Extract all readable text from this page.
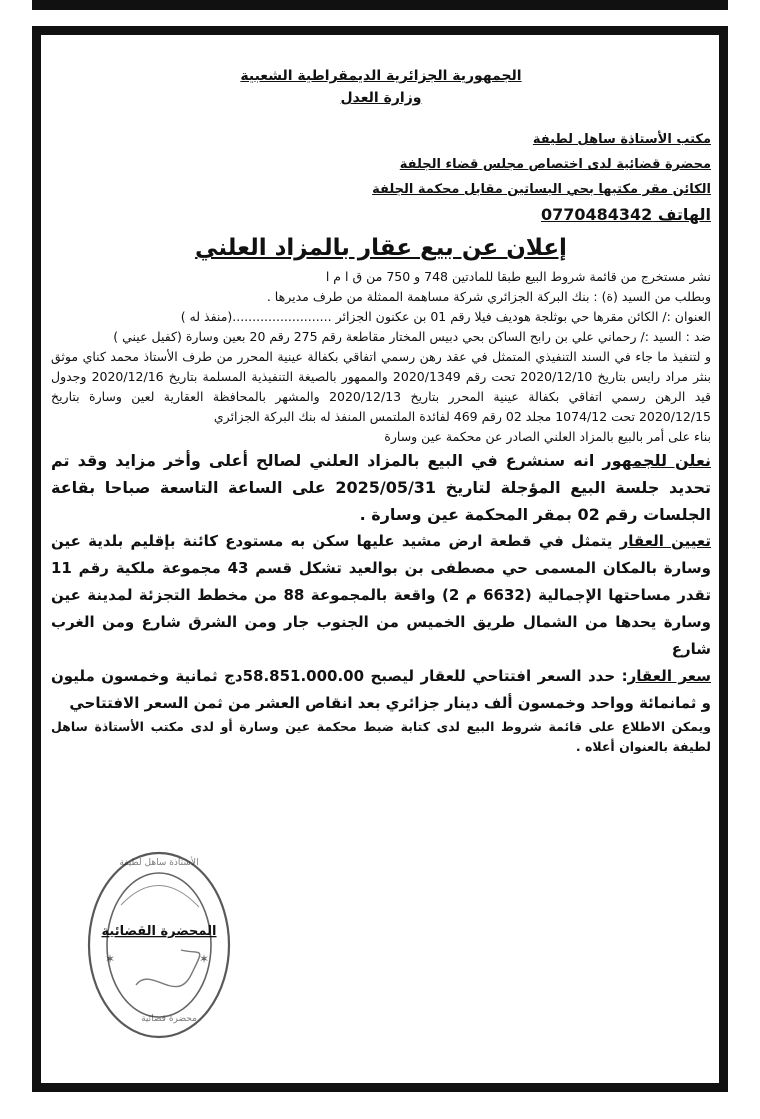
الجمهورية الجزائرية الديمقراطية الشعبية
وزارة العدل
مكتب الأستاذة ساهل لطيفة
محضرة قضائية لدى اختصاص مجلس قضاء الجلفة
الكائن مقر مكتبها بحي البساتين مقابل محكمة الجلفة
الهاتف 0770484342
إعلان عن بيع عقار بالمزاد العلني

نشر مستخرج من قائمة شروط البيع طبقا للمادتين 748 و 750 من ق ا م ا

وبطلب من السيد (ة) : بنك البركة الجزائري شركة مساهمة الممثلة من طرف مديرها .

العنوان :/ الكائن مقرها حي بوثلجة هوديف فيلا رقم 01 بن عكنون الجزائر .........................(منفذ له )

ضد : السيد :/ رحماني علي بن رابح الساكن بحي دبيس المختار مقاطعة رقم 275 رقم 20 بعين وسارة (كفيل عيني )

و لتنفيذ ما جاء في السند التنفيذي المتمثل في عقد رهن رسمي اتفاقي بكفالة عينية المحرر من طرف الأستاذ محمد كناي موثق بنثر مراد رايس بتاريخ 2020/12/10 تحت رقم 2020/1349 والممهور بالصيغة التنفيذية المسلمة بتاريخ 2020/12/16 وجدول قيد الرهن رسمي اتفاقي بكفالة عينية المحرر بتاريخ 2020/12/13 والمشهر بالمحافظة العقارية لعين وسارة بتاريخ 2020/12/15 تحت 1074/12 مجلد 02 رقم 469 لفائدة الملتمس المنفذ له بنك البركة الجزائري

بناء على أمر بالبيع بالمزاد العلني الصادر عن محكمة عين وسارة

نعلن للجمهور انه سنشرع في البيع بالمزاد العلني لصالح أعلى وأخر مزايد وقد تم تحديد جلسة البيع المؤجلة لتاريخ 2025/05/31 على الساعة التاسعة صباحا بقاعة الجلسات رقم 02 بمقر المحكمة عين وسارة .

تعيين العقار يتمثل في قطعة ارض مشيد عليها سكن به مستودع كائنة بإقليم بلدية عين وسارة بالمكان المسمى حي مصطفى بن بوالعيد تشكل قسم 43 مجموعة ملكية رقم 11 تقدر مساحتها الإجمالية (6632 م 2) واقعة بالمجموعة 88 من مخطط التجزئة لمدينة عين وسارة يحدها من الشمال طريق الخميس من الجنوب جار ومن الشرق شارع ومن الغرب شارع

سعر العقار: حدد السعر افتتاحي للعقار ليصبح 58.851.000.00دج ثمانية وخمسون مليون و ثمانمائة وواحد وخمسون ألف دينار جزائري بعد انقاص العشر من ثمن السعر الافتتاحي

ويمكن الاطلاع على قائمة شروط البيع لدى كتابة ضبط محكمة عين وسارة أو لدى مكتب الأستاذة ساهل لطيفة بالعنوان أعلاه .

الأستاذة ساهل لطيفة
محضرة قضائية
✶	✶
المحضرة القضائية
